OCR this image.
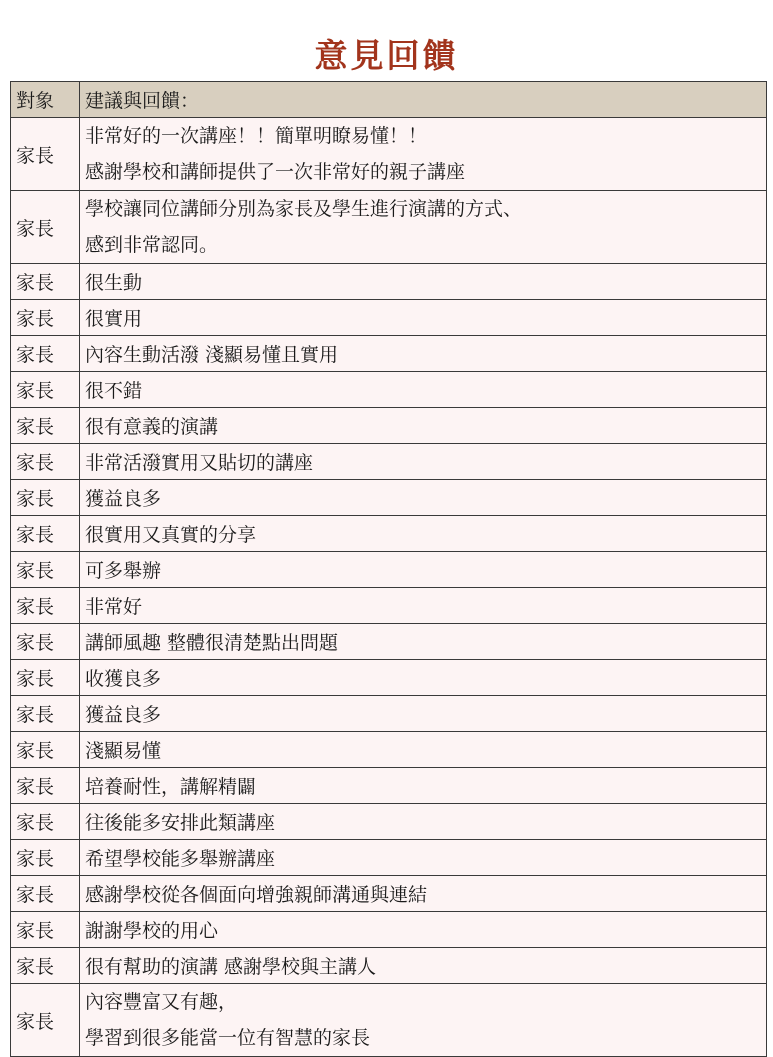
意見回饋
對象	建議與回饋：
家長	非常好的一次講座！！簡單明瞭易懂！！
感謝學校和講師提供了一次非常好的親子講座

家長	學校讓同位講師分別為家長及學生進行演講的方式、
感到非常認同。

家長	很生動
家長	很實用
家長	內容生動活潑 淺顯易懂且實用
家長	很不錯
家長	很有意義的演講
家長	非常活潑實用又貼切的講座
家長	獲益良多
家長	很實用又真實的分享
家長	可多舉辦
家長	非常好
家長	講師風趣 整體很清楚點出問題
家長	收獲良多
家長	獲益良多
家長	淺顯易懂
家長	培養耐性，講解精闢
家長	往後能多安排此類講座
家長	希望學校能多舉辦講座
家長	感謝學校從各個面向增強親師溝通與連結
家長	謝謝學校的用心
家長	很有幫助的演講 感謝學校與主講人
家長	內容豐富又有趣，
學習到很多能當一位有智慧的家長
